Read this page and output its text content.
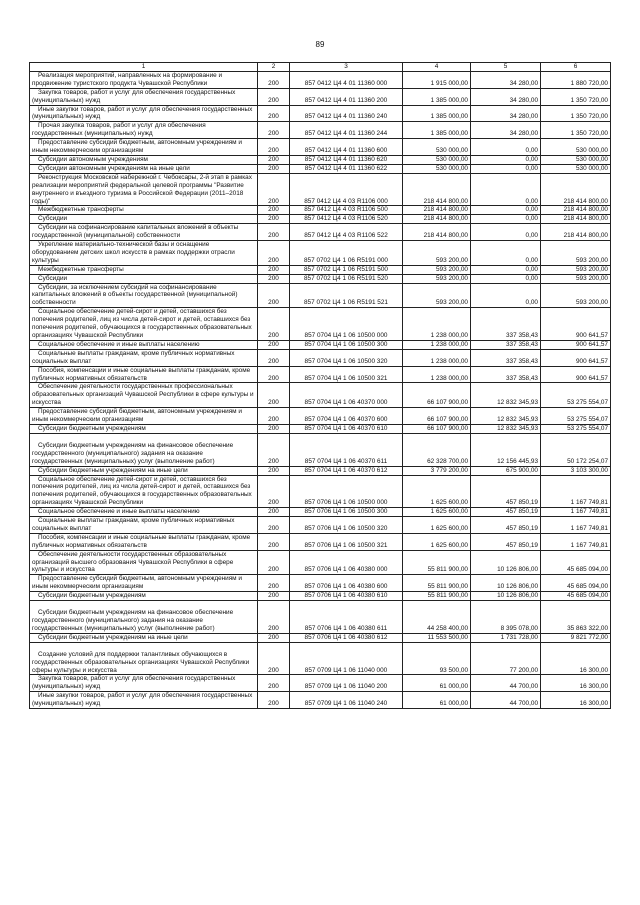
89
1	2	3	4	5	6

Реализация мероприятий, направленных на формирование и продвижение туристского продукта Чувашской Республики	200	857 0412 Ц4 4 01 11360 000	1 915 000,00	34 280,00	1 880 720,00

Закупка товаров, работ и услуг для обеспечения государственных (муниципальных) нужд	200	857 0412 Ц4 4 01 11360 200	1 385 000,00	34 280,00	1 350 720,00

Иные закупки товаров, работ и услуг для обеспечения государственных (муниципальных) нужд	200	857 0412 Ц4 4 01 11360 240	1 385 000,00	34 280,00	1 350 720,00

Прочая закупка товаров, работ и услуг для обеспечения государственных (муниципальных) нужд	200	857 0412 Ц4 4 01 11360 244	1 385 000,00	34 280,00	1 350 720,00

Предоставление субсидий бюджетным, автономным учреждениям и иным некоммерческим организациям	200	857 0412 Ц4 4 01 11360 600	530 000,00	0,00	530 000,00

Субсидии автономным учреждениям	200	857 0412 Ц4 4 01 11360 620	530 000,00	0,00	530 000,00

Субсидии автономным учреждениям на иные цели	200	857 0412 Ц4 4 01 11360 622	530 000,00	0,00	530 000,00

Реконструкция Московской набережной г. Чебоксары, 2-й этап в рамках реализации мероприятий федеральной целевой программы "Развитие внутреннего и въездного туризма в Российской Федерации (2011–2018 годы)"	200	857 0412 Ц4 4 03 R1106 000	218 414 800,00	0,00	218 414 800,00

Межбюджетные трансферты	200	857 0412 Ц4 4 03 R1106 500	218 414 800,00	0,00	218 414 800,00

Субсидии	200	857 0412 Ц4 4 03 R1106 520	218 414 800,00	0,00	218 414 800,00

Субсидии на софинансирование капитальных вложений в объекты государственной (муниципальной) собственности	200	857 0412 Ц4 4 03 R1106 522	218 414 800,00	0,00	218 414 800,00

Укрепление материально-технической базы и оснащение оборудованием детских школ искусств в рамках поддержки отрасли культуры	200	857 0702 Ц4 1 06 R5191 000	593 200,00	0,00	593 200,00

Межбюджетные трансферты	200	857 0702 Ц4 1 06 R5191 500	593 200,00	0,00	593 200,00

Субсидии	200	857 0702 Ц4 1 06 R5191 520	593 200,00	0,00	593 200,00

Субсидии, за исключением субсидий на софинансирование капитальных вложений в объекты государственной (муниципальной) собственности	200	857 0702 Ц4 1 06 R5191 521	593 200,00	0,00	593 200,00

Социальное обеспечение детей-сирот и детей, оставшихся без попечения родителей, лиц из числа детей-сирот и детей, оставшихся без попечения родителей, обучающихся в государственных образовательных организациях Чувашской Республики	200	857 0704 Ц4 1 06 10500 000	1 238 000,00	337 358,43	900 641,57

Социальное обеспечение и иные выплаты населению	200	857 0704 Ц4 1 06 10500 300	1 238 000,00	337 358,43	900 641,57

Социальные выплаты гражданам, кроме публичных нормативных социальных выплат	200	857 0704 Ц4 1 06 10500 320	1 238 000,00	337 358,43	900 641,57

Пособия, компенсации и иные социальные выплаты гражданам, кроме публичных нормативных обязательств	200	857 0704 Ц4 1 06 10500 321	1 238 000,00	337 358,43	900 641,57

Обеспечение деятельности государственных профессиональных образовательных организаций Чувашской Республики в сфере культуры и искусства	200	857 0704 Ц4 1 06 40370 000	66 107 900,00	12 832 345,93	53 275 554,07

Предоставление субсидий бюджетным, автономным учреждениям и иным некоммерческим организациям	200	857 0704 Ц4 1 06 40370 600	66 107 900,00	12 832 345,93	53 275 554,07

Субсидии бюджетным учреждениям	200	857 0704 Ц4 1 06 40370 610	66 107 900,00	12 832 345,93	53 275 554,07

Субсидии бюджетным учреждениям на финансовое обеспечение государственного (муниципального) задания на оказание государственных (муниципальных) услуг (выполнение работ)	200	857 0704 Ц4 1 06 40370 611	62 328 700,00	12 156 445,93	50 172 254,07

Субсидии бюджетным учреждениям на иные цели	200	857 0704 Ц4 1 06 40370 612	3 779 200,00	675 900,00	3 103 300,00

Социальное обеспечение детей-сирот и детей, оставшихся без попечения родителей, лиц из числа детей-сирот и детей, оставшихся без попечения родителей, обучающихся в государственных образовательных организациях Чувашской Республики	200	857 0706 Ц4 1 06 10500 000	1 625 600,00	457 850,19	1 167 749,81

Социальное обеспечение и иные выплаты населению	200	857 0706 Ц4 1 06 10500 300	1 625 600,00	457 850,19	1 167 749,81

Социальные выплаты гражданам, кроме публичных нормативных социальных выплат	200	857 0706 Ц4 1 06 10500 320	1 625 600,00	457 850,19	1 167 749,81

Пособия, компенсации и иные социальные выплаты гражданам, кроме публичных нормативных обязательств	200	857 0706 Ц4 1 06 10500 321	1 625 600,00	457 850,19	1 167 749,81

Обеспечение деятельности государственных образовательных организаций высшего образования Чувашской Республики в сфере культуры и искусства	200	857 0706 Ц4 1 06 40380 000	55 811 900,00	10 126 806,00	45 685 094,00

Предоставление субсидий бюджетным, автономным учреждениям и иным некоммерческим организациям	200	857 0706 Ц4 1 06 40380 600	55 811 900,00	10 126 806,00	45 685 094,00

Субсидии бюджетным учреждениям	200	857 0706 Ц4 1 06 40380 610	55 811 900,00	10 126 806,00	45 685 094,00

Субсидии бюджетным учреждениям на финансовое обеспечение государственного (муниципального) задания на оказание государственных (муниципальных) услуг (выполнение работ)	200	857 0706 Ц4 1 06 40380 611	44 258 400,00	8 395 078,00	35 863 322,00

Субсидии бюджетным учреждениям на иные цели	200	857 0706 Ц4 1 06 40380 612	11 553 500,00	1 731 728,00	9 821 772,00

Создание условий для поддержки талантливых обучающихся в государственных образовательных организациях Чувашской Республики сферы культуры и искусства	200	857 0709 Ц4 1 06 11040 000	93 500,00	77 200,00	16 300,00

Закупка товаров, работ и услуг для обеспечения государственных (муниципальных) нужд	200	857 0709 Ц4 1 06 11040 200	61 000,00	44 700,00	16 300,00

Иные закупки товаров, работ и услуг для обеспечения государственных (муниципальных) нужд	200	857 0709 Ц4 1 06 11040 240	61 000,00	44 700,00	16 300,00
